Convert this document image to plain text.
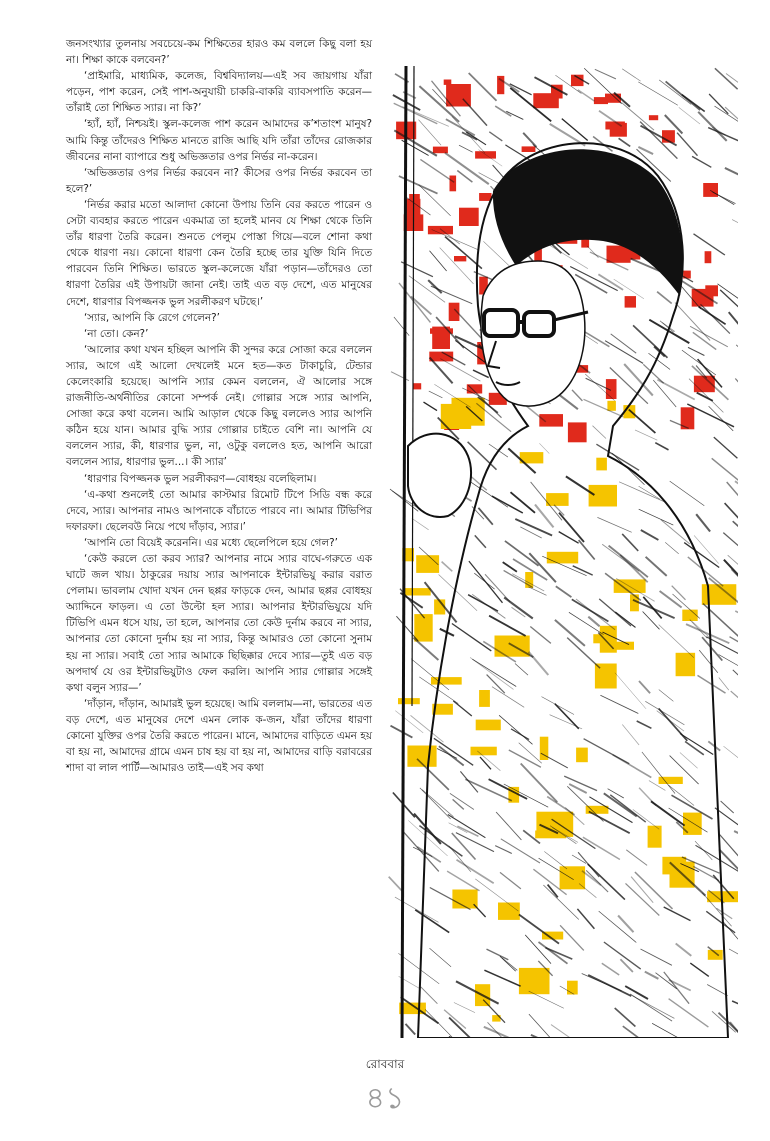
জনসংখ্যার তুলনায় সবচেয়ে-কম শিক্ষিতের হারও কম বললে কিছু বলা হয় না। শিক্ষা কাকে বলবেন?’

‘প্রাইমারি, মাধ্যমিক, কলেজ, বিশ্ববিদ্যালয়—এই সব জায়গায় যাঁরা পড়েন, পাশ করেন, সেই পাশ-অনুযায়ী চাকরি-বাকরি ব্যাবসপাতি করেন—তাঁরাই তো শিক্ষিত স্যার। না কি?’

‘হ্যাঁ, হ্যাঁ, নিশ্চয়ই। স্কুল-কলেজ পাশ করেন আমাদের ক’শতাংশ মানুষ? আমি কিন্তু তাঁদেরও শিক্ষিত মানতে রাজি আছি যদি তাঁরা তাঁদের রোজকার জীবনের নানা ব্যাপারে শুধু অভিজ্ঞতার ওপর নির্ভর না-করেন।

‘অভিজ্ঞতার ওপর নির্ভর করবেন না? কীসের ওপর নির্ভর করবেন তা হলে?’

‘নির্ভর করার মতো আলাদা কোনো উপায় তিনি বের করতে পারেন ও সেটা ব্যবহার করতে পারেন একমাত্র তা হলেই মানব যে শিক্ষা থেকে তিনি তাঁর ধারণা তৈরি করেন। শুনতে পেলুম পোস্তা গিয়ে—বলে শোনা কথা থেকে ধারণা নয়। কোনো ধারণা কেন তৈরি হচ্ছে তার যুক্তি যিনি দিতে পারবেন তিনি শিক্ষিত। ভারতে স্কুল-কলেজে যাঁরা পড়ান—তাঁদেরও তো ধারণা তৈরির এই উপায়টা জানা নেই। তাই এত বড় দেশে, এত মানুষের দেশে, ধারণার বিপজ্জনক ভুল সরলীকরণ ঘটছে।’

‘স্যার, আপনি কি রেগে গেলেন?’

‘না তো। কেন?’

‘আলোর কথা যখন হচ্ছিল আপনি কী সুন্দর করে সোজা করে বললেন স্যার, আগে এই আলো দেখলেই মনে হত—কত টাকাচুরি, টেন্ডার কেলেংকারি হয়েছে। আপনি স্যার কেমন বললেন, ঐ আলোর সঙ্গে রাজনীতি-অর্থনীতির কোনো সম্পর্ক নেই। গোল্লার সঙ্গে স্যার আপনি, সোজা করে কথা বলেন। আমি আড়াল থেকে কিছু বললেও স্যার আপনি কঠিন হয়ে যান। আমার বুদ্ধি স্যার গোল্লার চাইতে বেশি না। আপনি যে বললেন স্যার, কী, ধারণার ভুল, না, ওটুকু বললেও হত, আপনি আরো বললেন স্যার, ধারণার ভুল...। কী স্যার’

‘ধারণার বিপজ্জনক ভুল সরলীকরণ—বোধহয় বলেছিলাম।

‘এ-কথা শুনলেই তো আমার কাস্টমার রিমোট টিপে সিডি বন্ধ করে দেবে, স্যার। আপনার নামও আপনাকে বাঁচাতে পারবে না। আমার টিভিপির দফারফা। ছেলেবউ নিয়ে পথে দাঁড়াব, স্যার।’

‘আপনি তো বিয়েই করেননি। এর মধ্যে ছেলেপিলে হয়ে গেল?’

‘কেউ করলে তো করব স্যার? আপনার নামে স্যার বাঘে-গরুতে এক ঘাটে জল খায়। ঠাকুরের দয়ায় স্যার আপনাকে ইন্টারভিয়ু করার বরাত পেলাম। ভাবলাম খোদা যখন দেন ছপ্পর ফাড়কে দেন, আমার ছপ্পর বোধহয় অ্যাদ্দিনে ফাড়ল। এ তো উল্টো হল স্যার। আপনার ইন্টারভিয়ুয়ে যদি টিভিপি এমন ধসে যায়, তা হলে, আপনার তো কেউ দুর্নাম করবে না স্যার, আপনার তো কোনো দুর্নাম হয় না স্যার, কিন্তু আমারও তো কোনো সুনাম হয় না স্যার। সবাই তো স্যার আমাকে ছিছিক্কার দেবে স্যার—তুই এত বড় অপদার্থ যে ওর ইন্টারভিয়ুটাও ফেল করলি। আপনি স্যার গোল্লার সঙ্গেই কথা বলুন স্যার—’

‘দাঁড়ান, দাঁড়ান, আমারই ভুল হয়েছে। আমি বললাম—না, ভারতের এত বড় দেশে, এত মানুষের দেশে এমন লোক ক-জন, যাঁরা তাঁদের ধারণা কোনো যুক্তির ওপর তৈরি করতে পারেন। মানে, আমাদের বাড়িতে এমন হয় বা হয় না, আমাদের গ্রামে এমন চাষ হয় বা হয় না, আমাদের বাড়ি বরাবরের শাদা বা লাল পার্টি—আমারও তাই—এই সব কথা

রোববার
৪১
